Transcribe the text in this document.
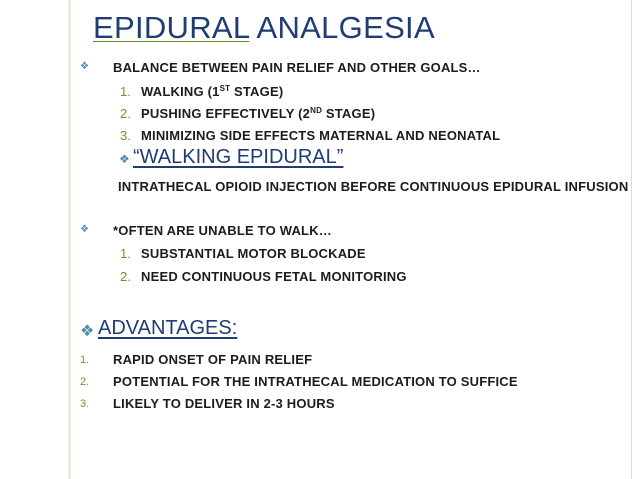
EPIDURAL ANALGESIA
❖ BALANCE BETWEEN PAIN RELIEF AND OTHER GOALS…
1. WALKING (1ST STAGE)
2. PUSHING EFFECTIVELY (2ND STAGE)
3. MINIMIZING SIDE EFFECTS MATERNAL AND NEONATAL
❖ “WALKING EPIDURAL”
INTRATHECAL OPIOID INJECTION BEFORE CONTINUOUS EPIDURAL INFUSION
❖ *OFTEN ARE UNABLE TO WALK…
1. SUBSTANTIAL MOTOR BLOCKADE
2. NEED CONTINUOUS FETAL MONITORING
❖ ADVANTAGES:
1. RAPID ONSET OF PAIN RELIEF
2. POTENTIAL FOR THE INTRATHECAL MEDICATION TO SUFFICE
3. LIKELY TO DELIVER IN 2-3 HOURS
